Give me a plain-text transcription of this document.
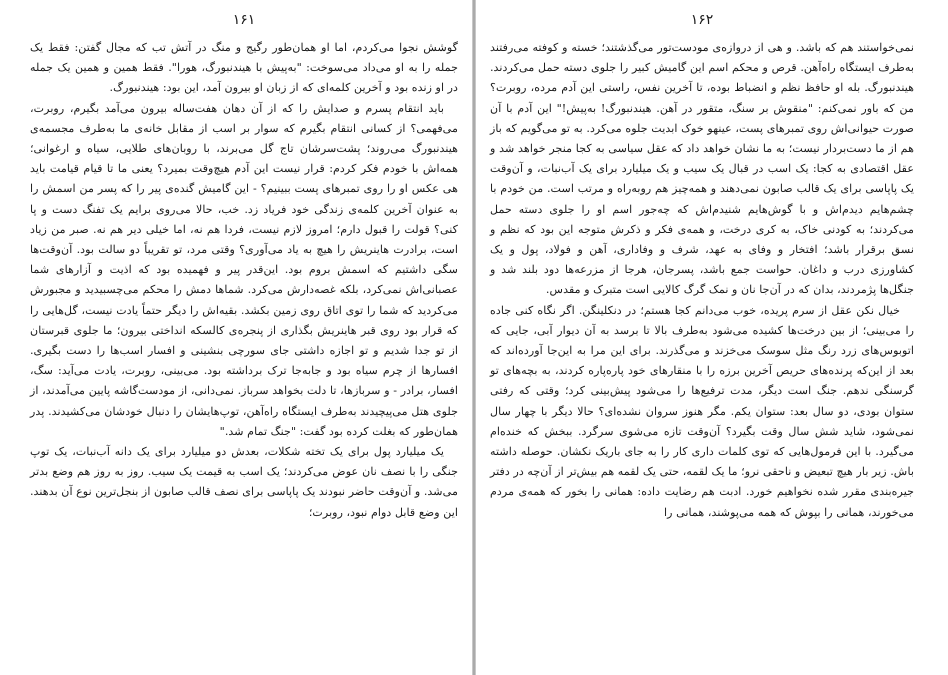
۱۶۱

گوشش نجوا می‌کردم، اما او همان‌طور رگیج و منگ در آتش تب که مجال گفتن: فقط یک جمله را به او می‌داد می‌سوخت: "به‌پیش با هیندنبورگ، هورا". فقط همین و همین یک جمله در او زنده بود و آخرین کلمه‌ای که از زبان او بیرون آمد، این بود: هیندنبورگ.

باید انتقام پسرم و صدایش را که از آن دهان هفت‌ساله بیرون می‌آمد بگیرم، روبرت، می‌فهمی؟ از کسانی انتقام بگیرم که سوار بر اسب از مقابل خانه‌ی ما به‌طرف مجسمه‌ی هیندنبورگ می‌روند؛ پشت‌سرشان تاج گل می‌برند، با روبان‌های طلایی، سیاه و ارغوانی؛ همه‌اش با خودم فکر کردم: قرار نیست این آدم هیچ‌وقت بمیرد؟ یعنی ما تا قیام قیامت باید هی عکس او را روی تمبرهای پست ببینیم؟ - این گامیش گنده‌ی پیر را که پسر من اسمش را به عنوان آخرین کلمه‌ی زندگی خود فریاد زد. خب، حالا می‌روی برایم یک تفنگ دست و پا کنی؟ قولت را قبول دارم؛ امروز لازم نیست، فردا هم نه، اما خیلی دیر هم نه. صبر من زیاد است، برادرت هاینریش را هیچ به یاد می‌آوری؟ وقتی مرد، تو تقریباً دو سالت بود. آن‌وقت‌ها سگی داشتیم که اسمش بروم بود. این‌قدر پیر و فهمیده بود که اذیت و آزارهای شما عصبانی‌اش نمی‌کرد، بلکه غصه‌دارش می‌کرد. شماها دمش را محکم می‌چسبیدید و مجبورش می‌کردید که شما را توی اتاق روی زمین بکشد. بقیه‌اش را دیگر حتماً یادت نیست، گل‌هایی را که قرار بود روی قبر هاینریش بگذاری از پنجره‌ی کالسکه انداختی بیرون؛ ما جلوی قبرستان از تو جدا شدیم و تو اجازه داشتی جای سورچی بنشینی و افسار اسب‌ها را دست بگیری. افسارها از چرم سیاه بود و جابه‌جا ترک برداشته بود. می‌بینی، روبرت، یادت می‌آید: سگ، افسار، برادر - و سربازها، تا دلت بخواهد سرباز. نمی‌دانی، از مودست‌گاشه پایین می‌آمدند، از جلوی هتل می‌پیچیدند به‌طرف ایستگاه راه‌آهن، توپ‌هایشان را دنبال خودشان می‌کشیدند. پدر همان‌طور که بغلت کرده بود گفت: "جنگ تمام شد."

یک میلیارد پول برای یک تخته شکلات، بعدش دو میلیارد برای یک دانه آب‌نبات، یک توپ جنگی را با نصف نان عوض می‌کردند؛ یک اسب به قیمت یک سیب. روز به روز هم وضع بدتر می‌شد. و آن‌وقت حاضر نبودند یک پاپاسی برای نصف قالب صابون از بنجل‌ترین نوع آن بدهند. این وضع قابل دوام نبود، روبرت؛

۱۶۲

نمی‌خواستند هم که باشد. و هی از دروازه‌ی مودست‌تور می‌گذشتند؛ خسته و کوفته می‌رفتند به‌طرف ایستگاه راه‌آهن. قرص و محکم اسم این گامیش کبیر را جلوی دسته حمل می‌کردند. هیندنبورگ. بله او حافظ نظم و انضباط بوده، تا آخرین نفس، راستی این آدم مرده، روبرت؟ من که باور نمی‌کنم: "منقوش بر سنگ، متقور در آهن. هیندنبورگ! به‌پیش!" این آدم با آن صورت حیوانی‌اش روی تمبرهای پست، عینهو خوک ابدیت جلوه می‌کرد. به تو می‌گویم که باز هم از ما دست‌بردار نیست؛ به ما نشان خواهد داد که عقل سیاسی به کجا منجر خواهد شد و عقل اقتصادی به کجا: یک اسب در قبال یک سیب و یک میلیارد برای یک آب‌نبات، و آن‌وقت یک پاپاسی برای یک قالب صابون نمی‌دهند و همه‌چیز هم روبه‌راه و مرتب است. من خودم با چشم‌هایم دیدم‌اش و با گوش‌هایم شنیدم‌اش که چه‌جور اسم او را جلوی دسته حمل می‌کردند؛ به کودنی خاک، به کری درخت، و همه‌ی فکر و ذکرش متوجه این بود که نظم و نسق برقرار باشد؛ افتخار و وفای به عهد، شرف و وفاداری، آهن و فولاد، پول و یک کشاورزی درب و داغان. حواست جمع باشد، پسرجان، هرجا از مزرعه‌ها دود بلند شد و جنگل‌ها پژمردند، بدان که در آن‌جا نان و نمک گرگ کالایی است متبرک و مقدس.

خیال نکن عقل از سرم پریده، خوب می‌دانم کجا هستم؛ در دنکلینگن. اگر نگاه کنی جاده را می‌بینی؛ از بین درخت‌ها کشیده می‌شود به‌طرف بالا تا برسد به آن دیوار آبی، جایی که اتوبوس‌های زرد رنگ مثل سوسک می‌خزند و می‌گذرند. برای این مرا به این‌جا آورده‌اند که بعد از این‌که پرنده‌های حریص آخرین برزه را با منقارهای خود پاره‌پاره کردند، به بچه‌های تو گرسنگی ندهم. جنگ است دیگر، مدت ترفیع‌ها را می‌شود پیش‌بینی کرد؛ وقتی که رفتی ستوان بودی، دو سال بعد: ستوان یکم. مگر هنوز سروان نشده‌ای؟ حالا دیگر با چهار سال نمی‌شود، شاید شش سال وقت بگیرد؟ آن‌وقت تازه می‌شوی سرگرد. ببخش که خنده‌ام می‌گیرد. با این فرمول‌هایی که توی کلمات داری کار را به جای باریک نکشان. حوصله داشته باش. زیر بار هیچ تبعیض و ناحقی نرو؛ ما یک لقمه، حتی یک لقمه هم بیش‌تر از آن‌چه در دفتر جیره‌بندی مقرر شده نخواهیم خورد. ادبت هم رضایت داده: همانی را بخور که همه‌ی مردم می‌خورند، همانی را بپوش که همه می‌پوشند، همانی را
